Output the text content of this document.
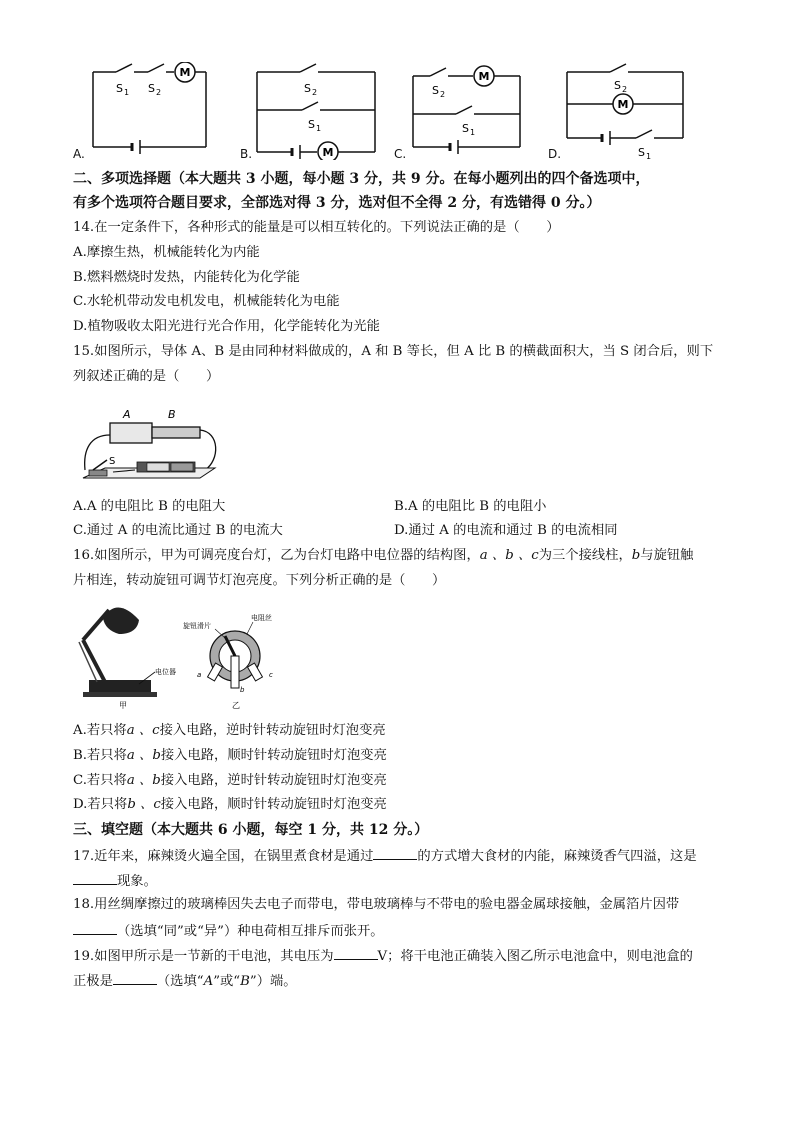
M
S 1 S 2
A.	M
S 2
S 1
B.
M
S 2
S 1
C.
M
S 2
S 1
D.
二、多项选择题（本大题共 3 小题，每小题 3 分，共 9 分。在每小题列出的四个备选项中，
有多个选项符合题目要求，全部选对得 3 分，选对但不全得 2 分，有选错得 0 分。）
14.在一定条件下，各种形式的能量是可以相互转化的。下列说法正确的是（　　）
A.摩擦生热，机械能转化为内能
B.燃料燃烧时发热，内能转化为化学能
C.水轮机带动发电机发电，机械能转化为电能
D.植物吸收太阳光进行光合作用，化学能转化为光能
15.如图所示，导体 A、B 是由同种材料做成的，A 和 B 等长，但 A 比 B 的横截面积大，当 S 闭合后，则下
列叙述正确的是（　　）
A	B
S
A.A 的电阻比 B 的电阻大	B.A 的电阻比 B 的电阻小
C.通过 A 的电流比通过 B 的电流大	D.通过 A 的电流和通过 B 的电流相同
16.如图所示，甲为可调亮度台灯，乙为台灯电路中电位器的结构图，a 、b 、c为三个接线柱，b与旋钮触
片相连，转动旋钮可调节灯泡亮度。下列分析正确的是（　　）
电位器
甲
a
b
c
旋钮滑片
电阻丝
乙
A.若只将a 、c接入电路，逆时针转动旋钮时灯泡变亮
B.若只将a 、b接入电路，顺时针转动旋钮时灯泡变亮
C.若只将a 、b接入电路，逆时针转动旋钮时灯泡变亮
D.若只将b 、c接入电路，顺时针转动旋钮时灯泡变亮
三、填空题（本大题共 6 小题，每空 1 分，共 12 分。）
17.近年来，麻辣烫火遍全国，在锅里煮食材是通过	的方式增大食材的内能，麻辣烫香气四溢，这是
现象。
18.用丝绸摩擦过的玻璃棒因失去电子而带电，带电玻璃棒与不带电的验电器金属球接触，金属箔片因带
（选填“同”或“异”）种电荷相互排斥而张开。
19.如图甲所示是一节新的干电池，其电压为	V；将干电池正确装入图乙所示电池盒中，则电池盒的
正极是	（选填“A”或“B”）端。
